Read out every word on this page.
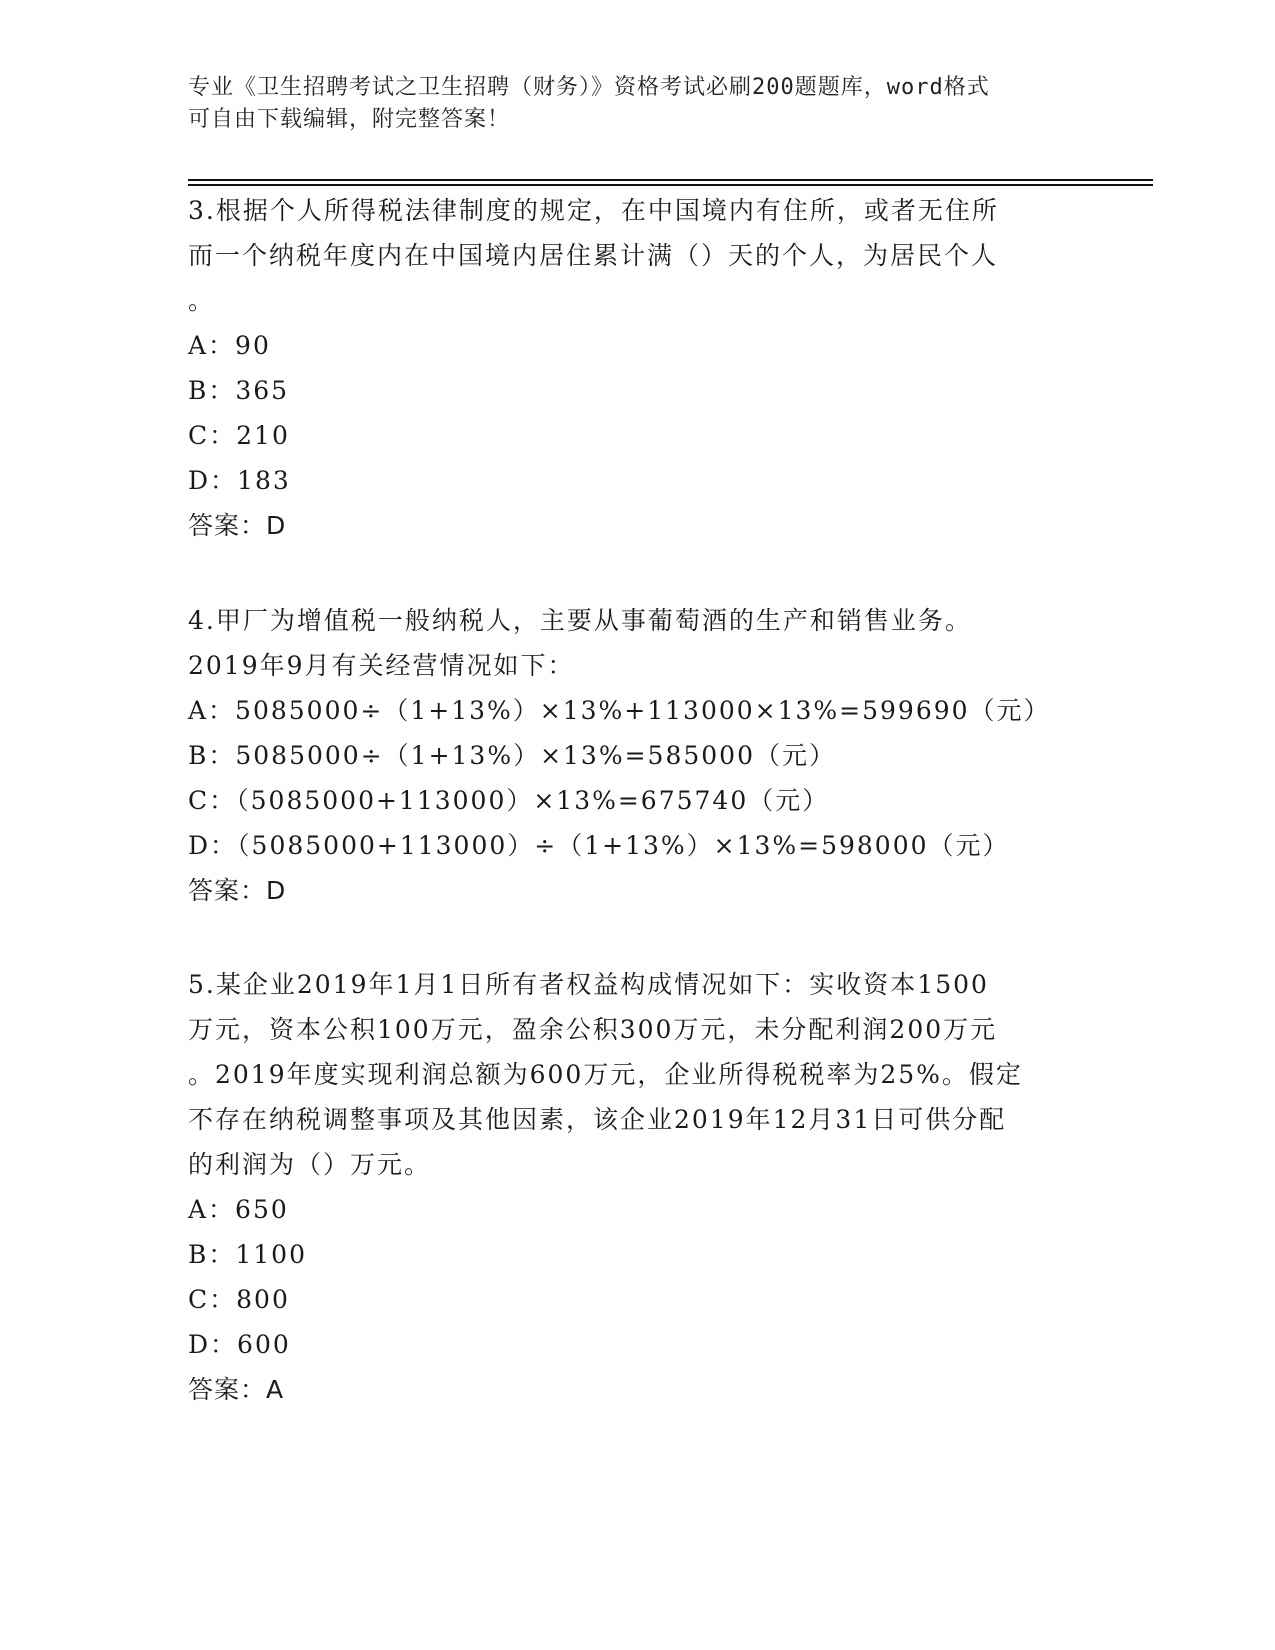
专业《卫生招聘考试之卫生招聘（财务）》资格考试必刷200题题库，word格式
可自由下载编辑，附完整答案！
3.根据个人所得税法律制度的规定，在中国境内有住所，或者无住所
而一个纳税年度内在中国境内居住累计满（）天的个人，为居民个人
。
A：90
B：365
C：210
D：183
答案：D
4.甲厂为增值税一般纳税人，主要从事葡萄酒的生产和销售业务。
2019年9月有关经营情况如下：
A：5085000÷（1+13%）×13%+113000×13%=599690（元）
B：5085000÷（1+13%）×13%=585000（元）
C：（5085000+113000）×13%=675740（元）
D：（5085000+113000）÷（1+13%）×13%=598000（元）
答案：D
5.某企业2019年1月1日所有者权益构成情况如下：实收资本1500
万元，资本公积100万元，盈余公积300万元，未分配利润200万元
。2019年度实现利润总额为600万元，企业所得税税率为25%。假定
不存在纳税调整事项及其他因素，该企业2019年12月31日可供分配
的利润为（）万元。
A：650
B：1100
C：800
D：600
答案：A
